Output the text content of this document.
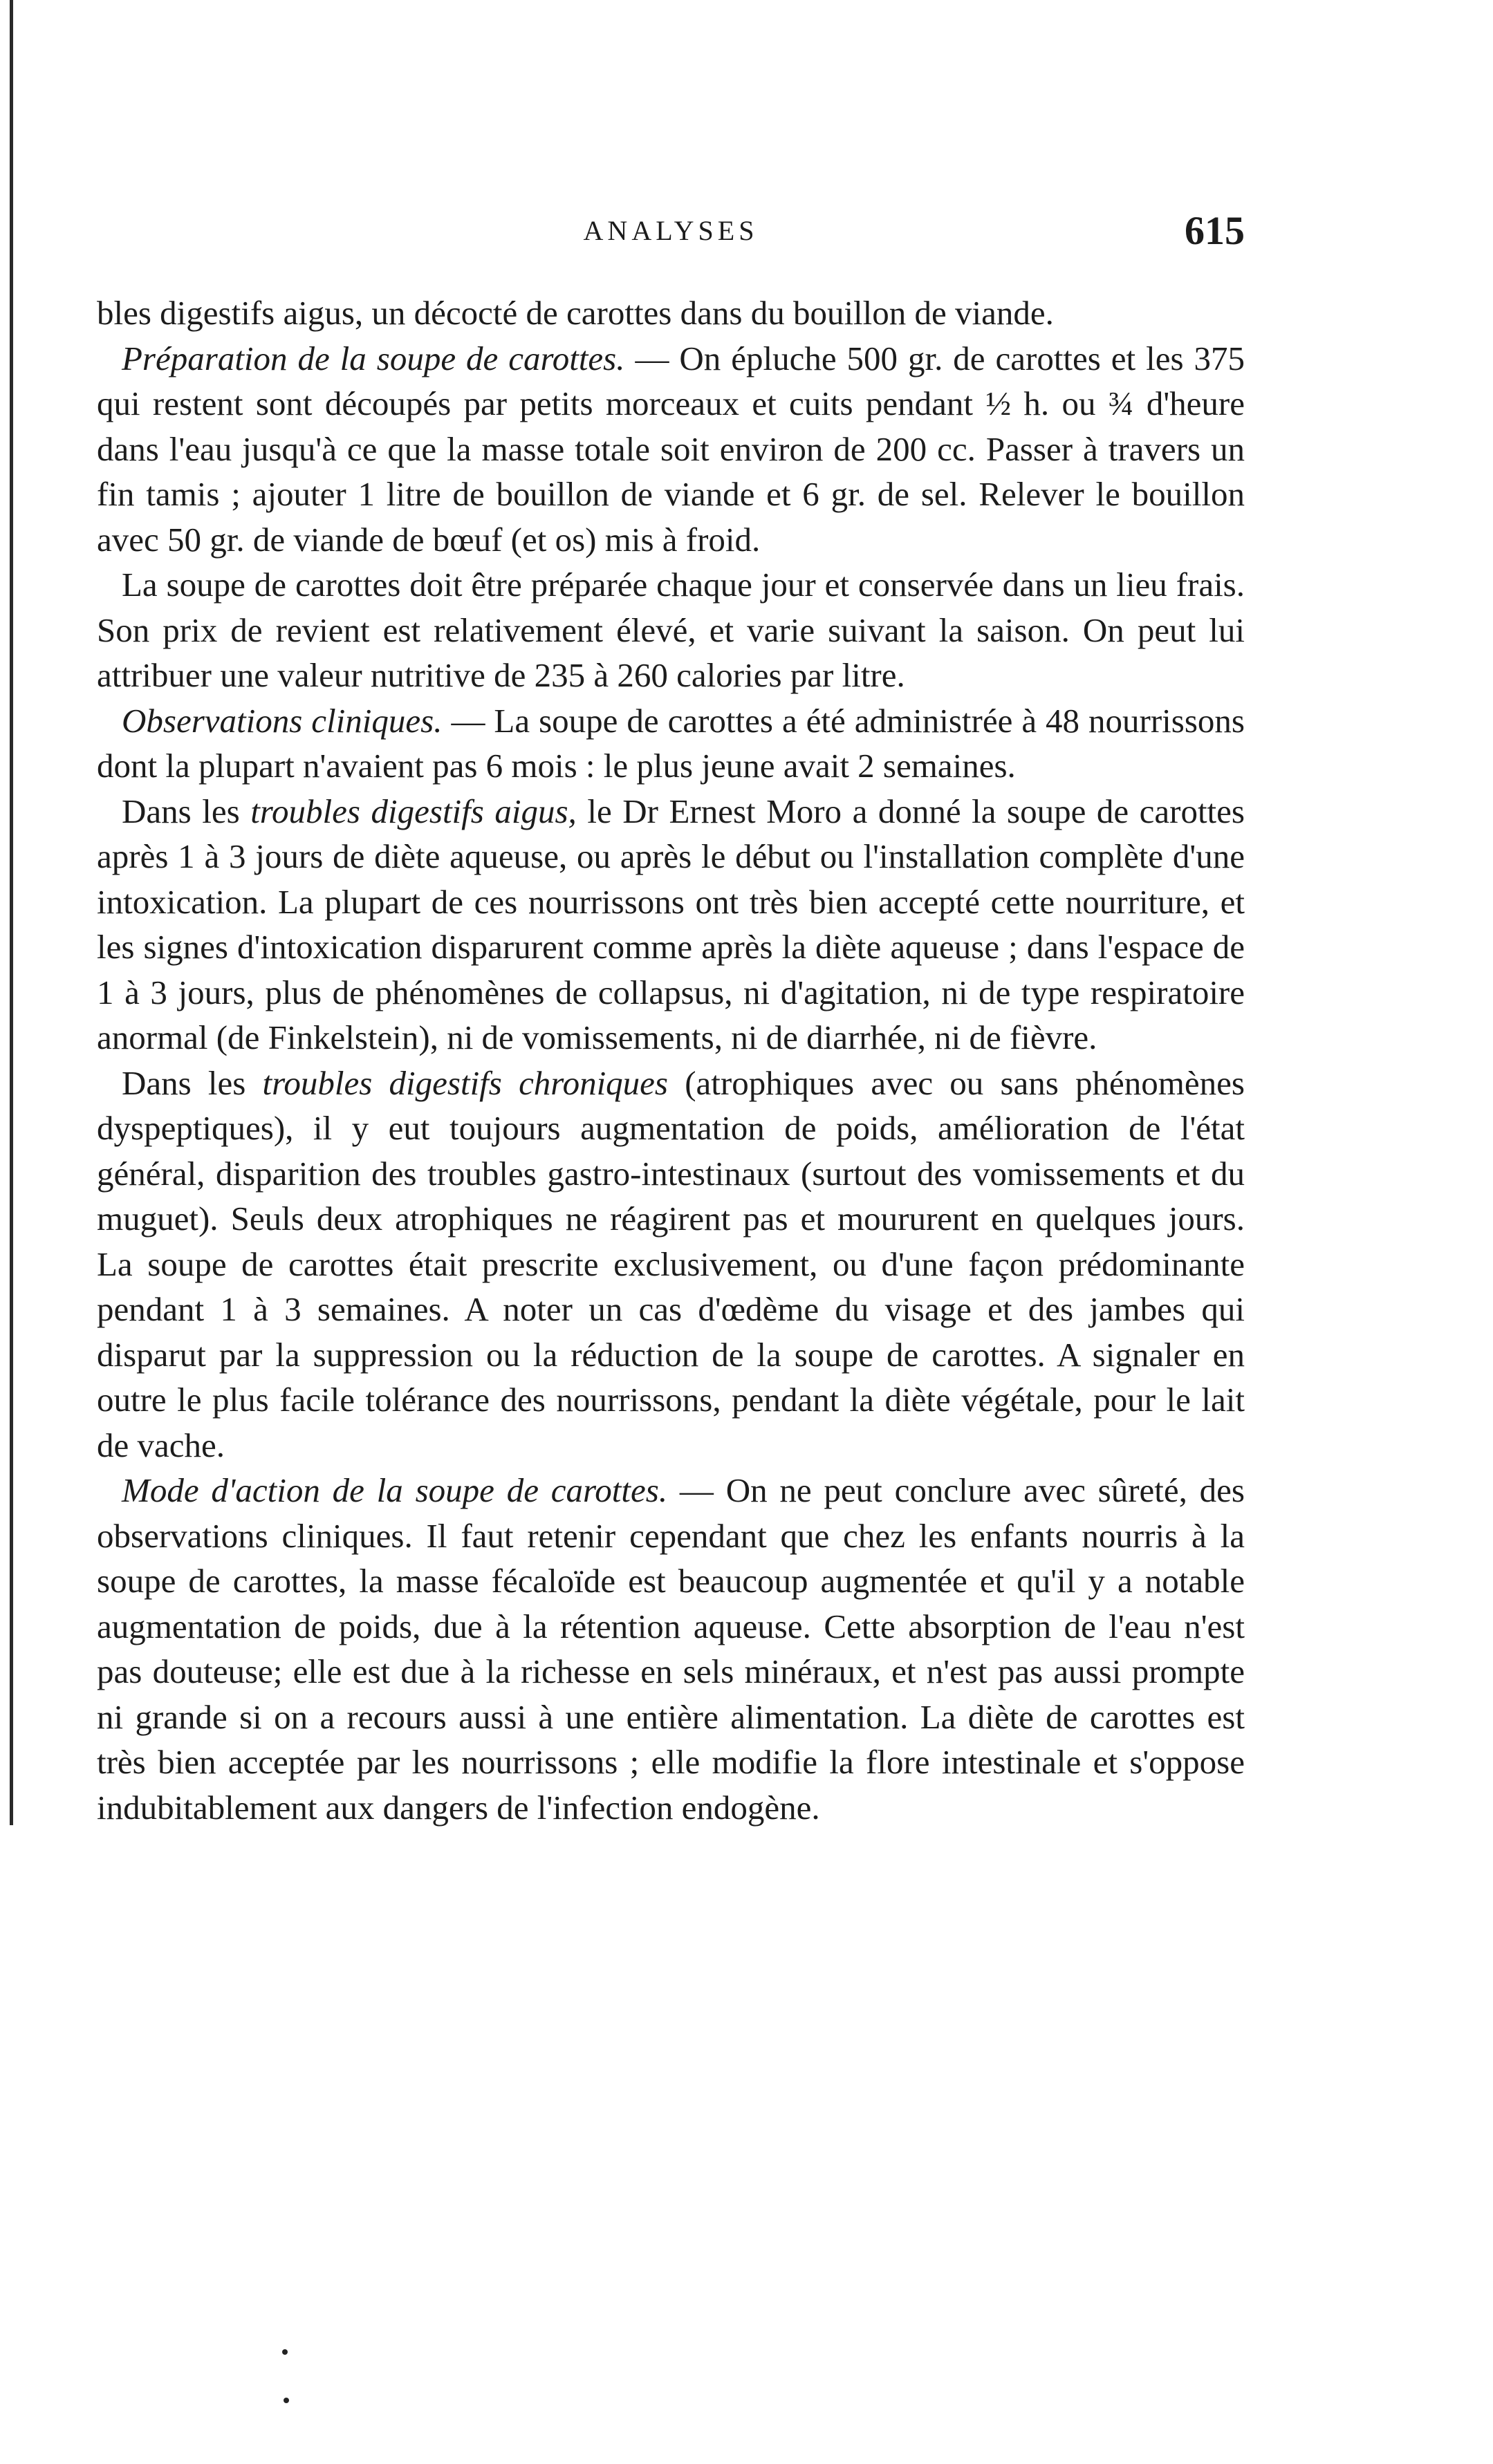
ANALYSES	615

bles digestifs aigus, un décocté de carottes dans du bouillon de viande.

Préparation de la soupe de carottes. — On épluche 500 gr. de carottes et les 375 qui restent sont découpés par petits morceaux et cuits pendant ½ h. ou ¾ d'heure dans l'eau jusqu'à ce que la masse totale soit environ de 200 cc. Passer à travers un fin tamis ; ajouter 1 litre de bouillon de viande et 6 gr. de sel. Relever le bouillon avec 50 gr. de viande de bœuf (et os) mis à froid.

La soupe de carottes doit être préparée chaque jour et conservée dans un lieu frais. Son prix de revient est relativement élevé, et varie suivant la saison. On peut lui attribuer une valeur nutritive de 235 à 260 calories par litre.

Observations cliniques. — La soupe de carottes a été administrée à 48 nourrissons dont la plupart n'avaient pas 6 mois : le plus jeune avait 2 semaines.

Dans les troubles digestifs aigus, le Dr Ernest Moro a donné la soupe de carottes après 1 à 3 jours de diète aqueuse, ou après le début ou l'installation complète d'une intoxication. La plupart de ces nourrissons ont très bien accepté cette nourriture, et les signes d'intoxication disparurent comme après la diète aqueuse ; dans l'espace de 1 à 3 jours, plus de phénomènes de collapsus, ni d'agitation, ni de type respiratoire anormal (de Finkelstein), ni de vomissements, ni de diarrhée, ni de fièvre.

Dans les troubles digestifs chroniques (atrophiques avec ou sans phénomènes dyspeptiques), il y eut toujours augmentation de poids, amélioration de l'état général, disparition des troubles gastro-intestinaux (surtout des vomissements et du muguet). Seuls deux atrophiques ne réagirent pas et moururent en quelques jours. La soupe de carottes était prescrite exclusivement, ou d'une façon prédominante pendant 1 à 3 semaines. A noter un cas d'œdème du visage et des jambes qui disparut par la suppression ou la réduction de la soupe de carottes. A signaler en outre le plus facile tolérance des nourrissons, pendant la diète végétale, pour le lait de vache.

Mode d'action de la soupe de carottes. — On ne peut conclure avec sûreté, des observations cliniques. Il faut retenir cependant que chez les enfants nourris à la soupe de carottes, la masse fécaloïde est beaucoup augmentée et qu'il y a notable augmentation de poids, due à la rétention aqueuse. Cette absorption de l'eau n'est pas douteuse; elle est due à la richesse en sels minéraux, et n'est pas aussi prompte ni grande si on a recours aussi à une entière alimentation. La diète de carottes est très bien acceptée par les nourrissons ; elle modifie la flore intestinale et s'oppose indubitablement aux dangers de l'infection endogène.
